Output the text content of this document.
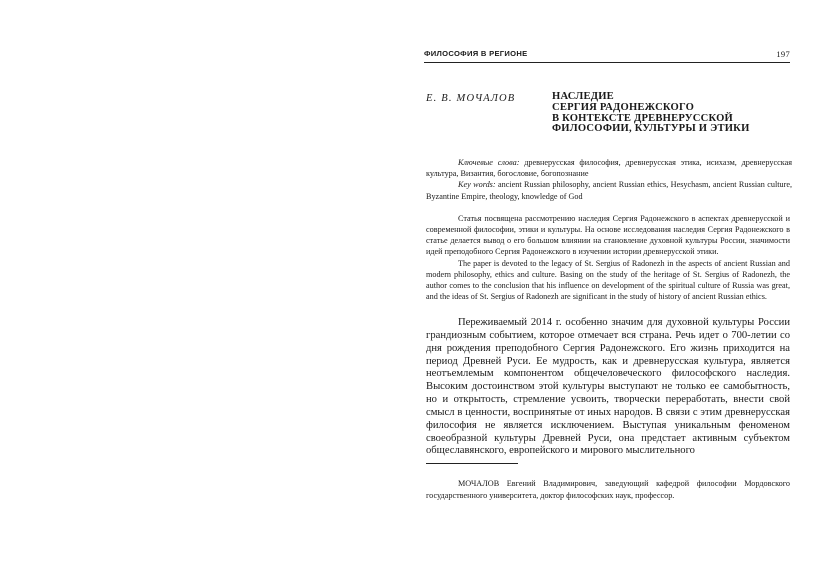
ФИЛОСОФИЯ В РЕГИОНЕ	197
Е. В. МОЧАЛОВ	НАСЛЕДИЕ
СЕРГИЯ РАДОНЕЖСКОГО
В КОНТЕКСТЕ ДРЕВНЕРУССКОЙ
ФИЛОСОФИИ, КУЛЬТУРЫ И ЭТИКИ

Ключевые слова: древнерусская философия, древнерусская этика, исихазм, древнерусская культура, Византия, богословие, богопознание

Key words: ancient Russian philosophy, ancient Russian ethics, Hesychasm, ancient Russian culture, Byzantine Empire, theology, knowledge of God

Статья посвящена рассмотрению наследия Сергия Радонежского в аспектах древнерусской и современной философии, этики и культуры. На основе исследования наследия Сергия Радонежского в статье делается вывод о его большом влиянии на становление духовной культуры России, значимости идей преподобного Сергия Радонежского в изучении истории древнерусской этики.

The paper is devoted to the legacy of St. Sergius of Radonezh in the aspects of ancient Russian and modern philosophy, ethics and culture. Basing on the study of the heritage of St. Sergius of Radonezh, the author comes to the conclusion that his influence on development of the spiritual culture of Russia was great, and the ideas of St. Sergius of Radonezh are significant in the study of history of ancient Russian ethics.

Переживаемый 2014 г. особенно значим для духовной культуры России грандиозным событием, которое отмечает вся страна. Речь идет о 700-летии со дня рождения преподобного Сергия Радонежского. Его жизнь приходится на период Древней Руси. Ее мудрость, как и древнерусская культура, является неотъемлемым компонентом общечеловеческого философского наследия. Высоким достоинством этой культуры выступают не только ее самобытность, но и открытость, стремление усвоить, творчески переработать, внести свой смысл в ценности, воспринятые от иных народов. В связи с этим древнерусская философия не является исключением. Выступая уникальным феноменом своеобразной культуры Древней Руси, она предстает активным субъектом общеславянского, европейского и мирового мыслительного

МОЧАЛОВ Евгений Владимирович, заведующий кафедрой философии Мордовского государственного университета, доктор философских наук, профессор.
